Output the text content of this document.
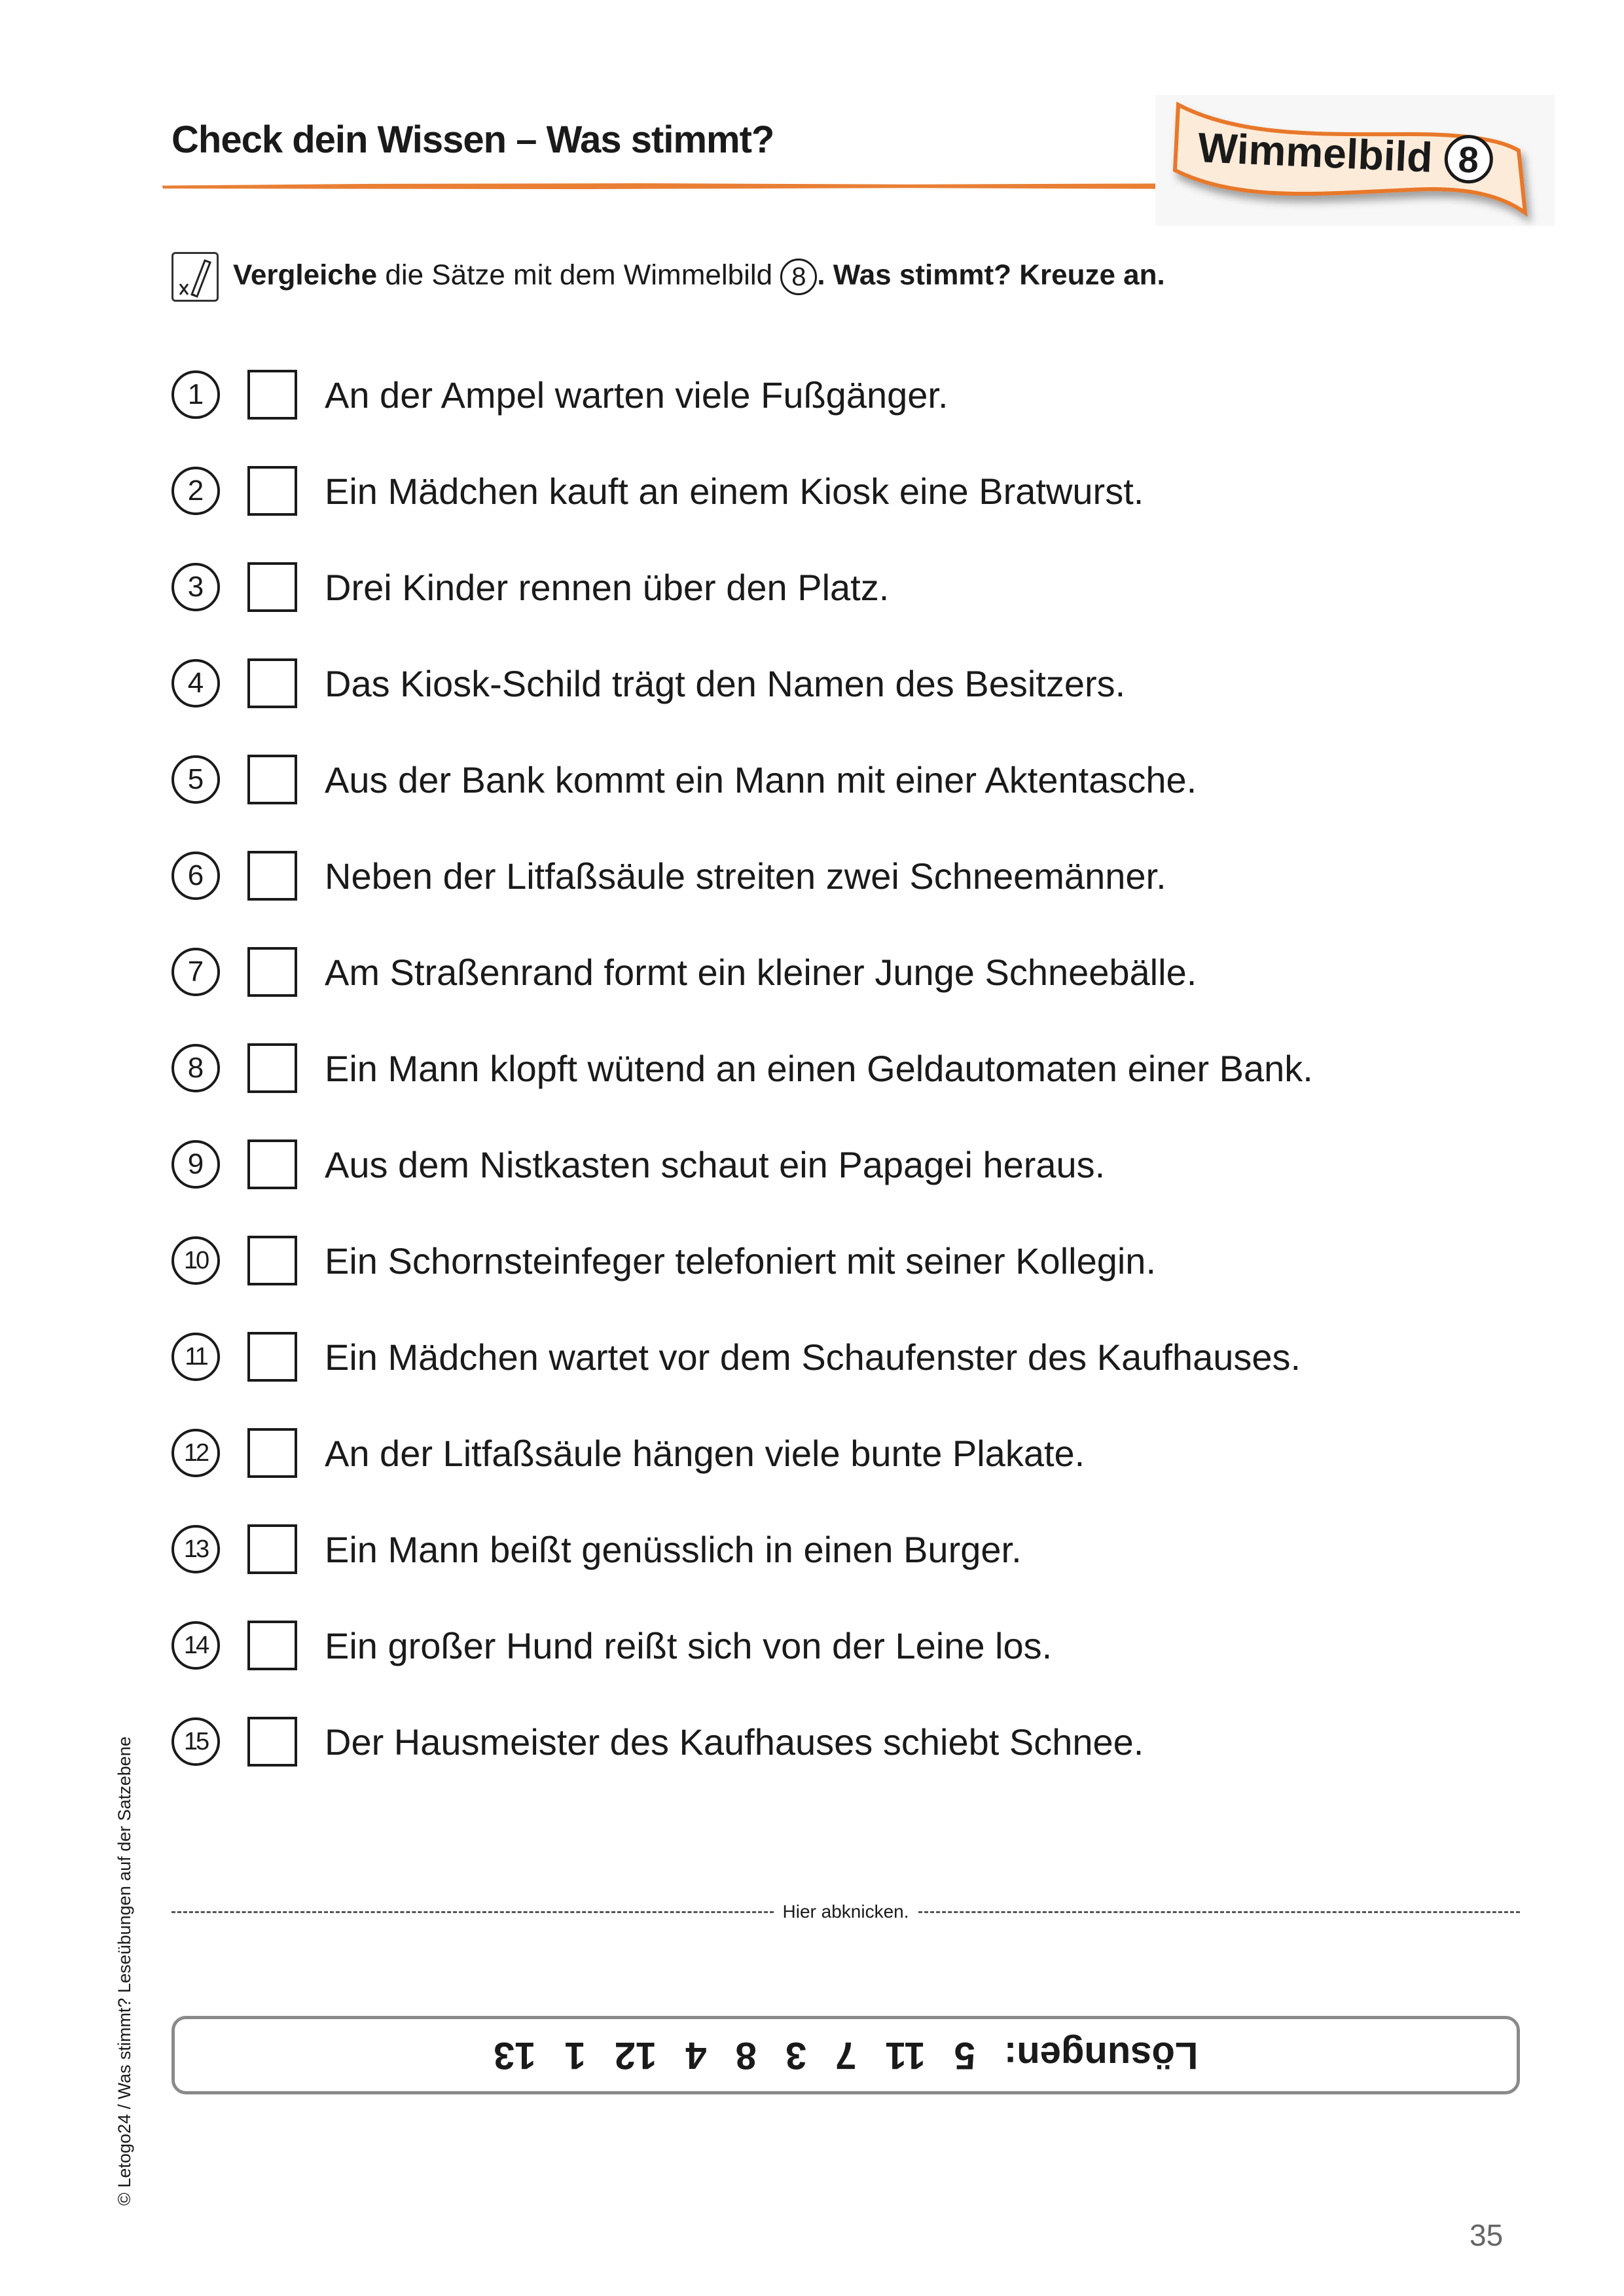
Check dein Wissen – Was stimmt?	Wimmelbild 8
Vergleiche die Sätze mit dem Wimmelbild 8 . Was stimmt? Kreuze an.
1	An der Ampel warten viele Fußgänger.
2	Ein Mädchen kauft an einem Kiosk eine Bratwurst.
3	Drei Kinder rennen über den Platz.
4	Das Kiosk-Schild trägt den Namen des Besitzers.
5	Aus der Bank kommt ein Mann mit einer Aktentasche.
6	Neben der Litfaßsäule streiten zwei Schneemänner.
7	Am Straßenrand formt ein kleiner Junge Schneebälle.
8	Ein Mann klopft wütend an einen Geldautomaten einer Bank.
9	Aus dem Nistkasten schaut ein Papagei heraus.
10	Ein Schornsteinfeger telefoniert mit seiner Kollegin.
11	Ein Mädchen wartet vor dem Schaufenster des Kaufhauses.
12	An der Litfaßsäule hängen viele bunte Plakate.
13	Ein Mann beißt genüsslich in einen Burger.
14	Ein großer Hund reißt sich von der Leine los.
15	Der Hausmeister des Kaufhauses schiebt Schnee.
Hier abknicken.
Lösungen:
5
11
7
3
8
4
12
1
13
© Letogo24 / Was stimmt? Leseübungen auf der Satzebene
35
